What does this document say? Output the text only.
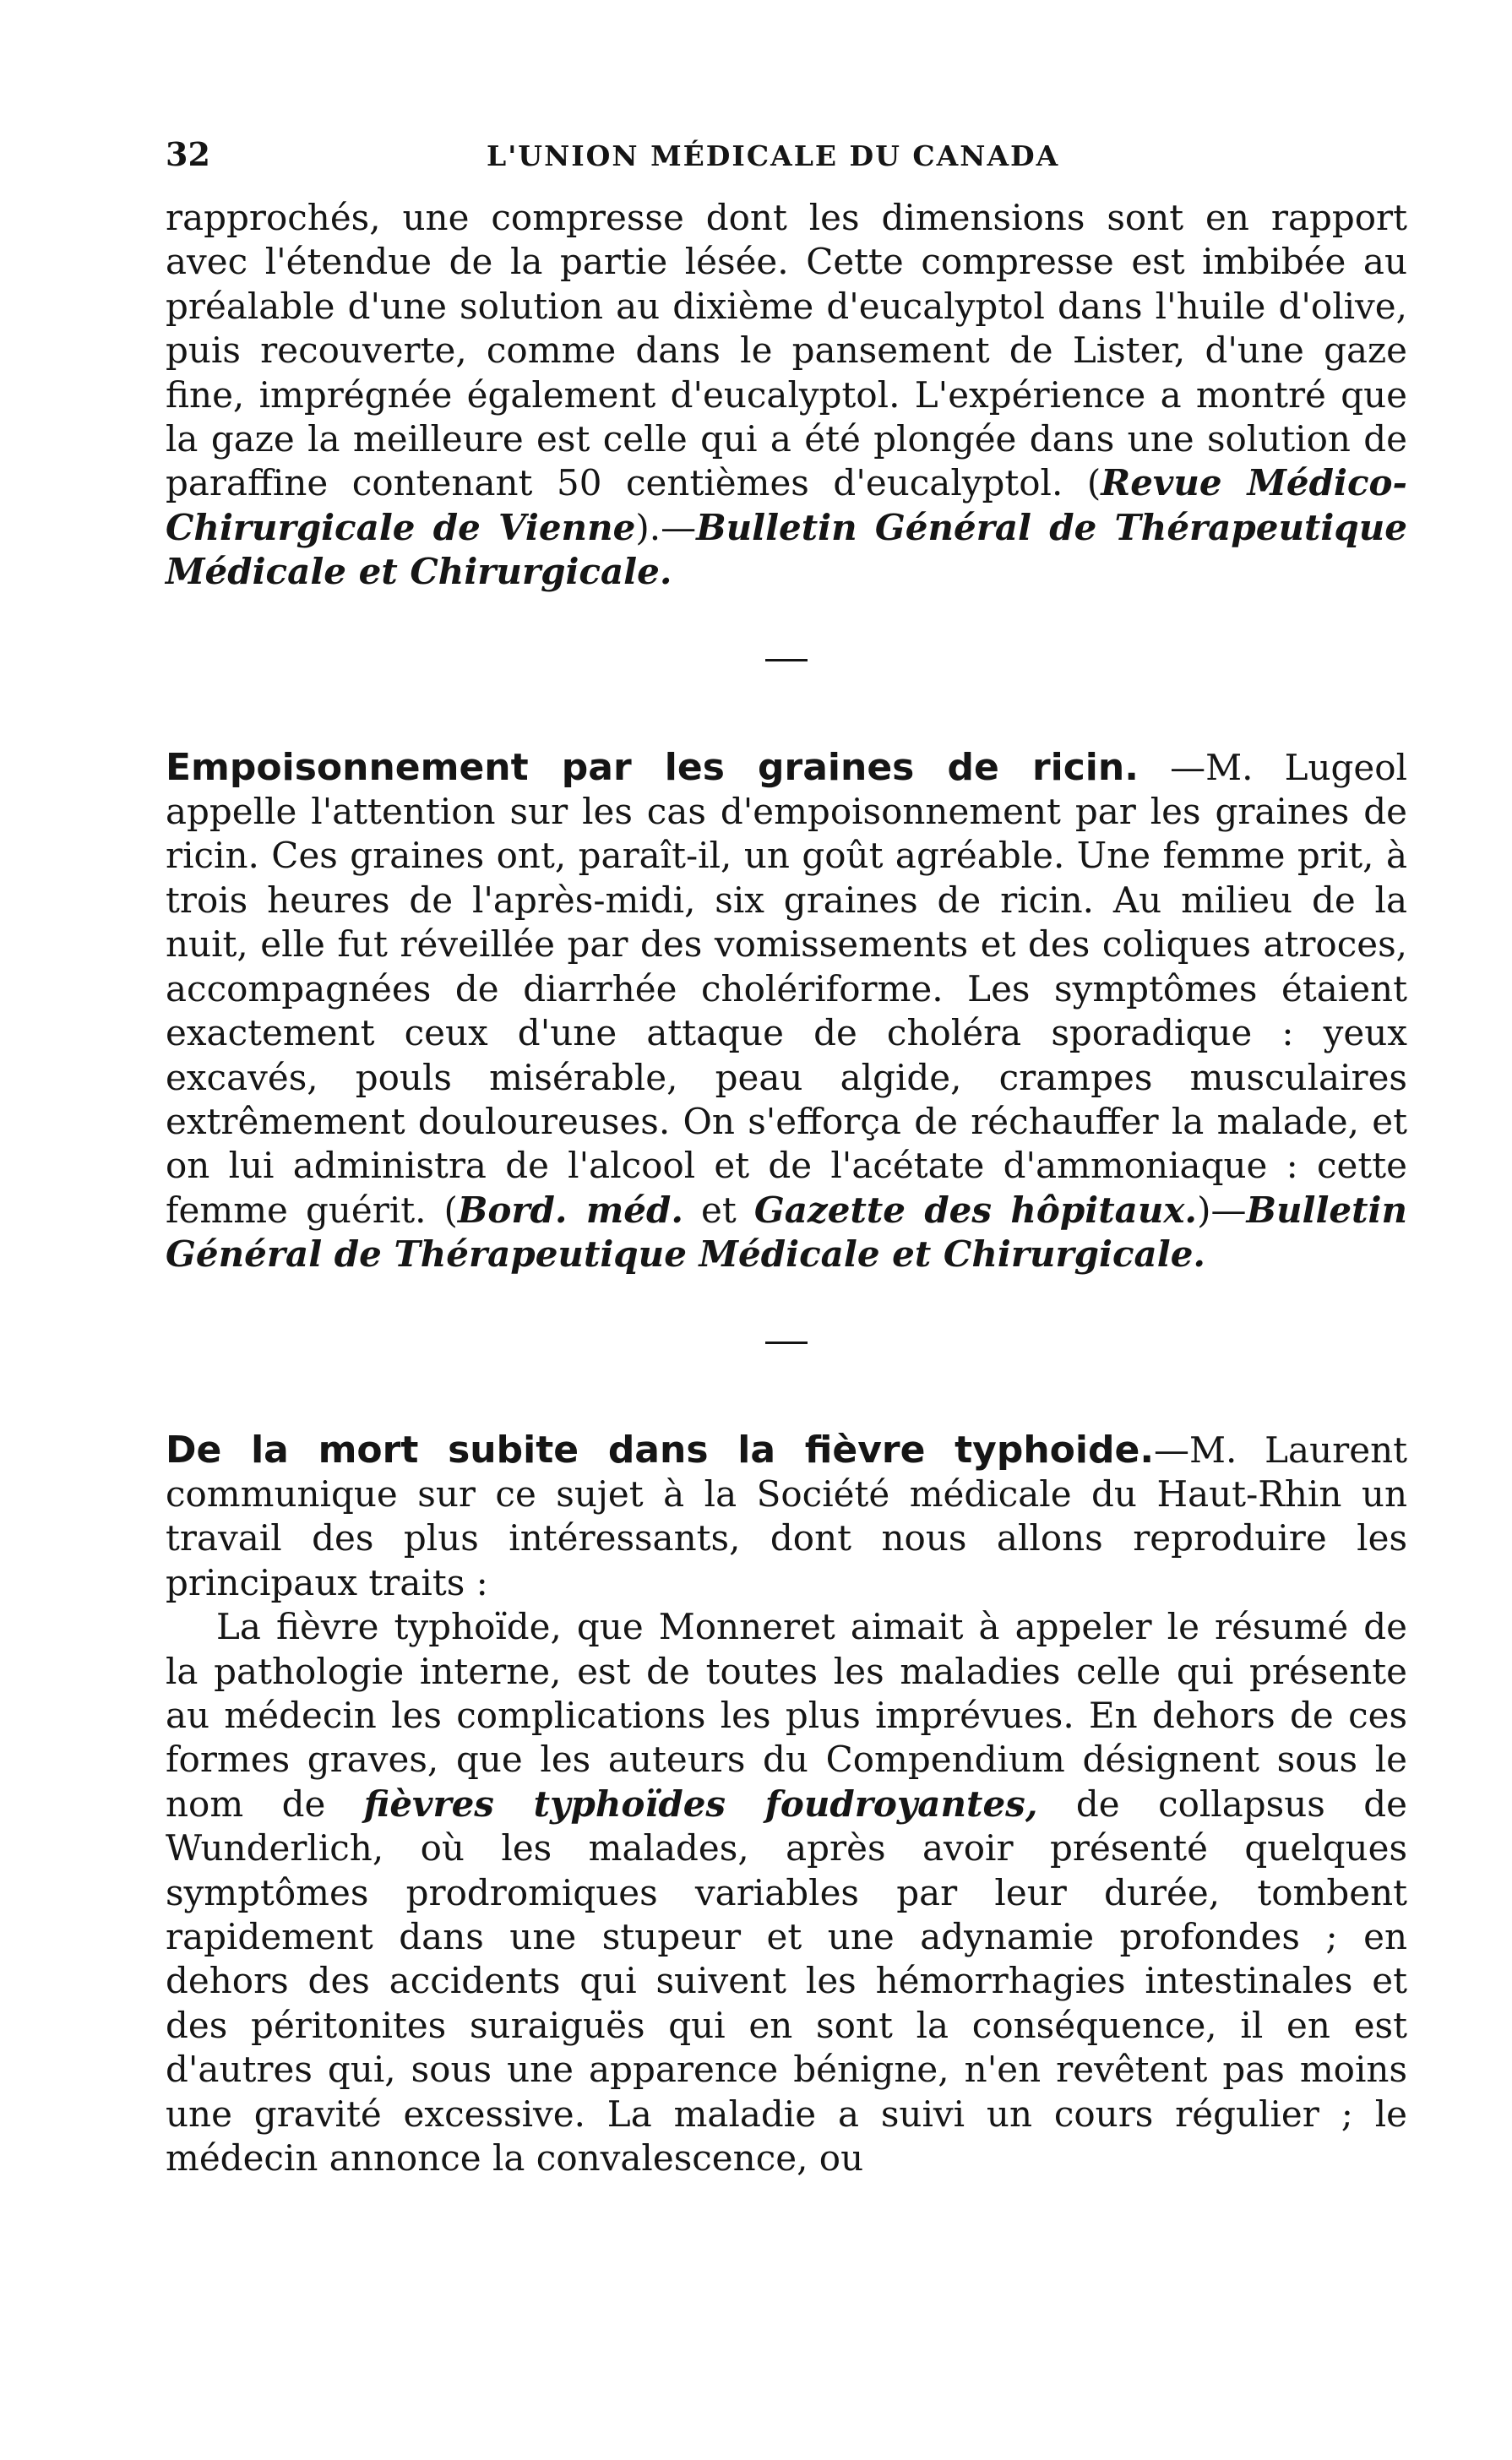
32	L'UNION MÉDICALE DU CANADA

rapprochés, une compresse dont les dimensions sont en rapport avec l'étendue de la partie lésée. Cette compresse est imbibée au préalable d'une solution au dixième d'eucalyptol dans l'huile d'olive, puis recouverte, comme dans le pansement de Lister, d'une gaze fine, imprégnée également d'eucalyptol. L'expérience a montré que la gaze la meilleure est celle qui a été plongée dans une solution de paraffine contenant 50 centièmes d'eucalyptol. (Revue Médico-Chirurgicale de Vienne).—Bulletin Général de Thérapeutique Médicale et Chirurgicale.

Empoisonnement par les graines de ricin. —M. Lugeol appelle l'attention sur les cas d'empoisonnement par les graines de ricin. Ces graines ont, paraît-il, un goût agréable. Une femme prit, à trois heures de l'après-midi, six graines de ricin. Au milieu de la nuit, elle fut réveillée par des vomissements et des coliques atroces, accompagnées de diarrhée cholériforme. Les symptômes étaient exactement ceux d'une attaque de choléra sporadique : yeux excavés, pouls misérable, peau algide, crampes musculaires extrêmement douloureuses. On s'efforça de réchauffer la malade, et on lui administra de l'alcool et de l'acétate d'ammoniaque : cette femme guérit. (Bord. méd. et Gazette des hôpitaux.)—Bulletin Général de Thérapeutique Médicale et Chirurgicale.

De la mort subite dans la fièvre typhoide.—M. Laurent communique sur ce sujet à la Société médicale du Haut-Rhin un travail des plus intéressants, dont nous allons reproduire les principaux traits :

La fièvre typhoïde, que Monneret aimait à appeler le résumé de la pathologie interne, est de toutes les maladies celle qui présente au médecin les complications les plus imprévues. En dehors de ces formes graves, que les auteurs du Compendium désignent sous le nom de fièvres typhoïdes foudroyantes, de collapsus de Wunderlich, où les malades, après avoir présenté quelques symptômes prodromiques variables par leur durée, tombent rapidement dans une stupeur et une adynamie profondes ; en dehors des accidents qui suivent les hémorrhagies intestinales et des péritonites suraiguës qui en sont la conséquence, il en est d'autres qui, sous une apparence bénigne, n'en revêtent pas moins une gravité excessive. La maladie a suivi un cours régulier ; le médecin annonce la convalescence, ou
